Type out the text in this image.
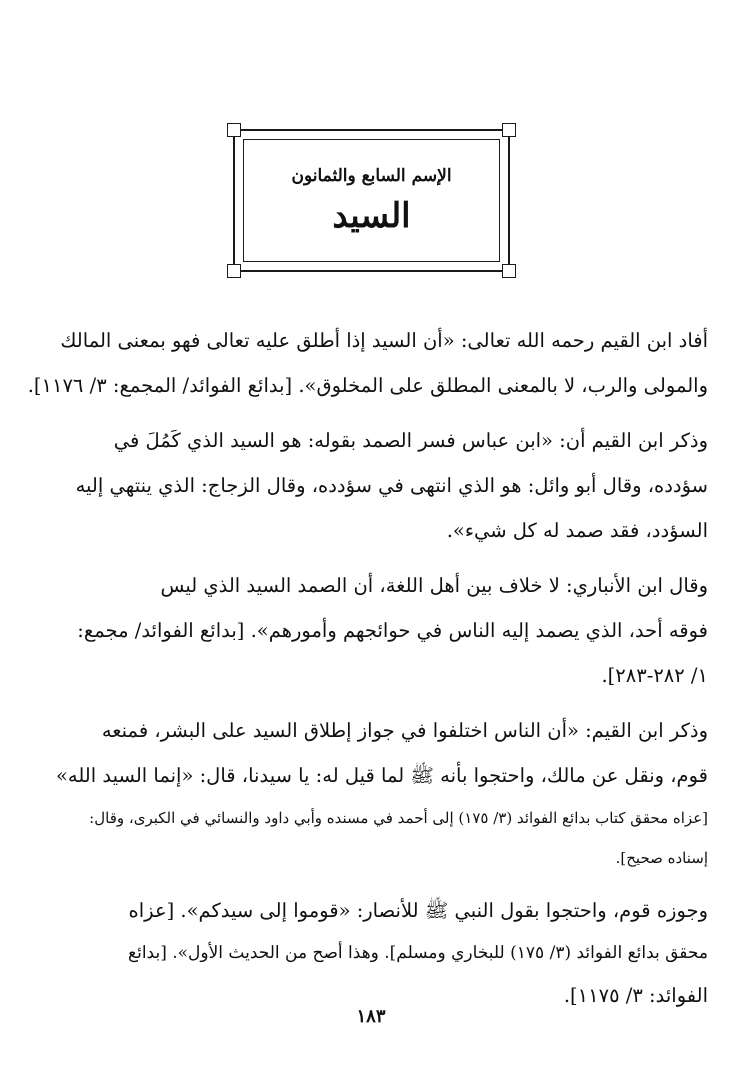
الإسم السابع والثمانون
السيد
أفاد ابن القيم رحمه الله تعالى: «أن السيد إذا أطلق عليه تعالى فهو بمعنى المالك
والمولى والرب، لا بالمعنى المطلق على المخلوق». [بدائع الفوائد/ المجمع: ٣/ ١١٧٦].
وذكر ابن القيم أن: «ابن عباس فسر الصمد بقوله: هو السيد الذي كَمُلَ في
سؤدده، وقال أبو وائل: هو الذي انتهى في سؤدده، وقال الزجاج: الذي ينتهي إليه
السؤدد، فقد صمد له كل شيء».
وقال ابن الأنباري: لا خلاف بين أهل اللغة، أن الصمد السيد الذي ليس
فوقه أحد، الذي يصمد إليه الناس في حوائجهم وأمورهم». [بدائع الفوائد/ مجمع:
١/ ٢٨٢-٢٨٣].
وذكر ابن القيم: «أن الناس اختلفوا في جواز إطلاق السيد على البشر، فمنعه
قوم، ونقل عن مالك، واحتجوا بأنه ﷺ لما قيل له: يا سيدنا، قال: «إنما السيد الله»
[عزاه محقق كتاب بدائع الفوائد (٣/ ١٧٥) إلى أحمد في مسنده وأبي داود والنسائي في الكبرى، وقال:
إسناده صحيح].
وجوزه قوم، واحتجوا بقول النبي ﷺ للأنصار: «قوموا إلى سيدكم». [عزاه
محقق بدائع الفوائد (٣/ ١٧٥) للبخاري ومسلم]. وهذا أصح من الحديث الأول». [بدائع
الفوائد: ٣/ ١١٧٥].
١٨٣
